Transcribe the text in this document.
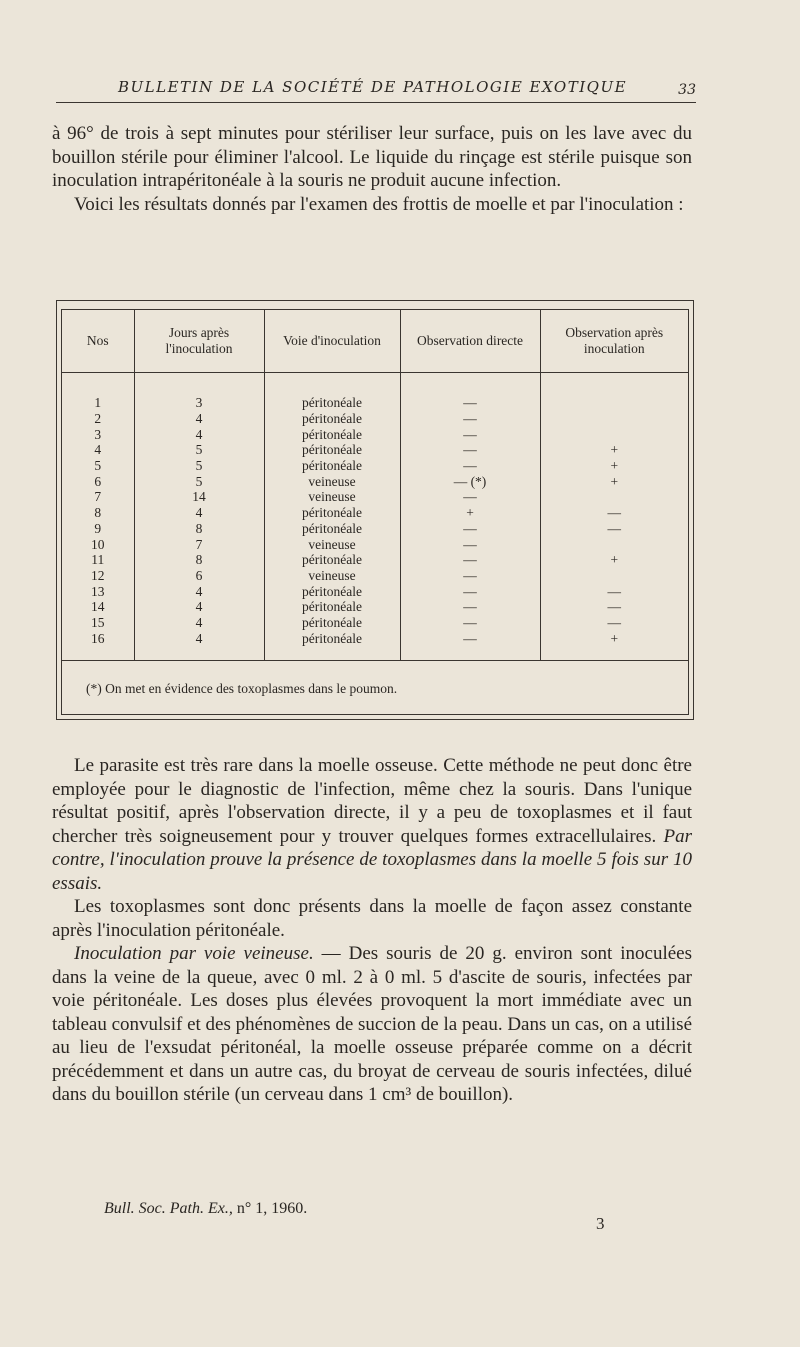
BULLETIN DE LA SOCIÉTÉ DE PATHOLOGIE EXOTIQUE	33

à 96° de trois à sept minutes pour stériliser leur surface, puis on les lave avec du bouillon stérile pour éliminer l'alcool. Le liquide du rinçage est stérile puisque son inoculation intrapéritonéale à la souris ne produit aucune infection.

Voici les résultats donnés par l'examen des frottis de moelle et par l'inoculation :

Nos	Jours après l'inoculation	Voie d'inoculation	Observation directe	Observation après inoculation
1	3	péritonéale	—	
2	4	péritonéale	—	
3	4	péritonéale	—	
4	5	péritonéale	—	+
5	5	péritonéale	—	+
6	5	veineuse	— (*)	+
7	14	veineuse	—	
8	4	péritonéale	+	—
9	8	péritonéale	—	—
10	7	veineuse	—	
11	8	péritonéale	—	+
12	6	veineuse	—	
13	4	péritonéale	—	—
14	4	péritonéale	—	—
15	4	péritonéale	—	—
16	4	péritonéale	—	+
(*) On met en évidence des toxoplasmes dans le poumon.

Le parasite est très rare dans la moelle osseuse. Cette méthode ne peut donc être employée pour le diagnostic de l'infection, même chez la souris. Dans l'unique résultat positif, après l'observation directe, il y a peu de toxoplasmes et il faut chercher très soigneusement pour y trouver quelques formes extracellulaires. Par contre, l'inoculation prouve la présence de toxoplasmes dans la moelle 5 fois sur 10 essais.

Les toxoplasmes sont donc présents dans la moelle de façon assez constante après l'inoculation péritonéale.

Inoculation par voie veineuse. — Des souris de 20 g. environ sont inoculées dans la veine de la queue, avec 0 ml. 2 à 0 ml. 5 d'ascite de souris, infectées par voie péritonéale. Les doses plus élevées provoquent la mort immédiate avec un tableau convulsif et des phénomènes de succion de la peau. Dans un cas, on a utilisé au lieu de l'exsudat péritonéal, la moelle osseuse préparée comme on a décrit précédemment et dans un autre cas, du broyat de cerveau de souris infectées, dilué dans du bouillon stérile (un cerveau dans 1 cm³ de bouillon).

Bull. Soc. Path. Ex., n° 1, 1960.
3
